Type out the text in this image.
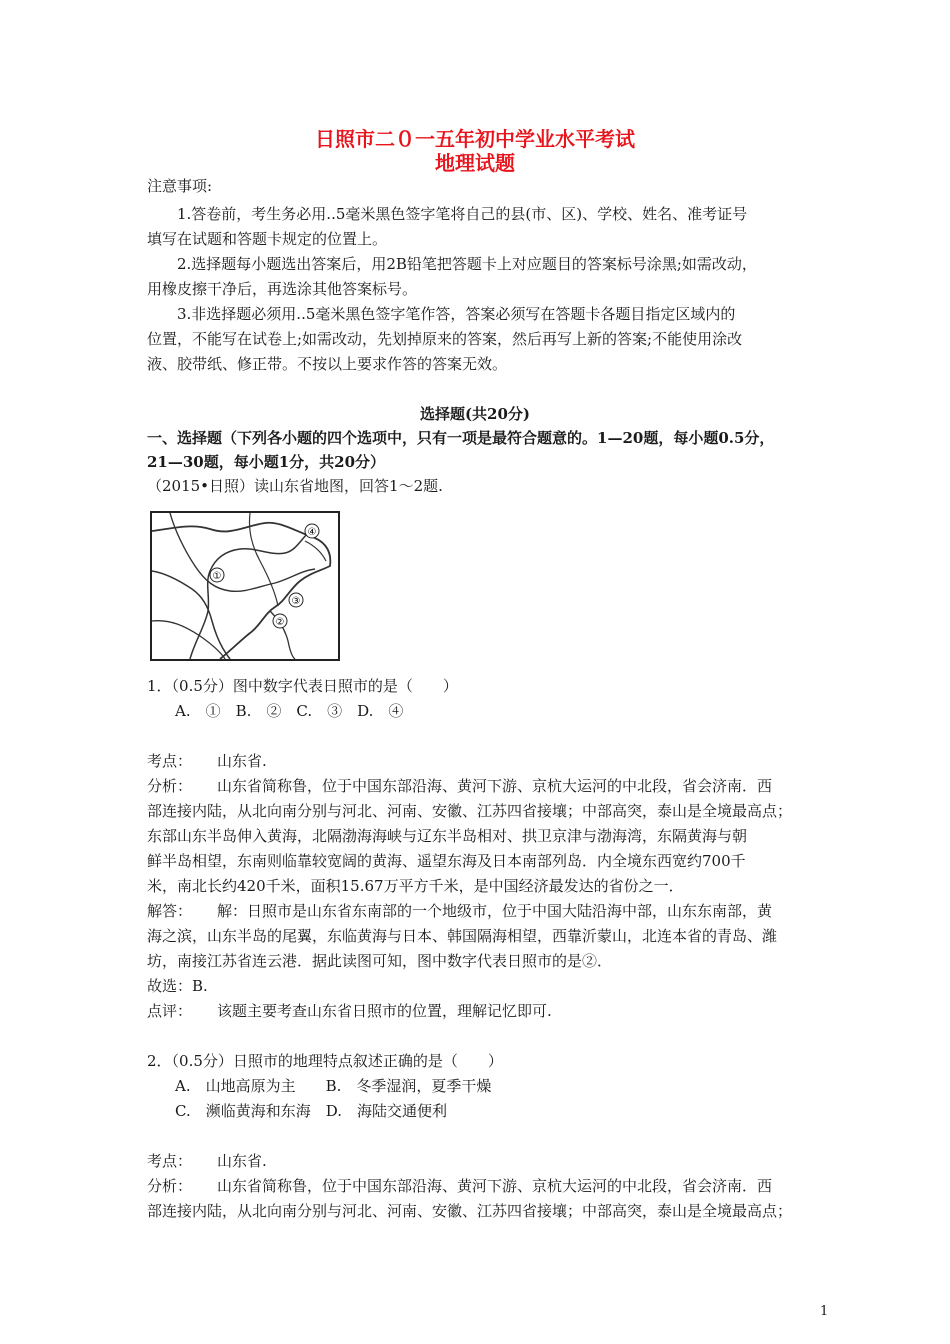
日照市二０一五年初中学业水平考试
地理试题
注意事项:
1.答卷前，考生务必用..5毫米黑色签字笔将自己的县(市、区)、学校、姓名、准考证号
填写在试题和答题卡规定的位置上。
2.选择题每小题选出答案后，用2B铅笔把答题卡上对应题目的答案标号涂黑;如需改动，
用橡皮擦干净后，再选涂其他答案标号。
3.非选择题必须用..5毫米黑色签字笔作答，答案必须写在答题卡各题目指定区域内的
位置，不能写在试卷上;如需改动，先划掉原来的答案，然后再写上新的答案;不能使用涂改
液、胶带纸、修正带。不按以上要求作答的答案无效。
选择题(共20分)
一、选择题（下列各小题的四个选项中，只有一项是最符合题意的。1—20题，每小题0.5分，
21—30题，每小题1分，共20分）
（2015•日照）读山东省地图，回答1～2题.
①
②
③
④
1．（0.5分）图中数字代表日照市的是（　　）
A.　①　B.　②　C.　③　D.　④
考点： 山东省.
分析： 山东省简称鲁，位于中国东部沿海、黄河下游、京杭大运河的中北段，省会济南．西
部连接内陆，从北向南分别与河北、河南、安徽、江苏四省接壤；中部高突，泰山是全境最高点；
东部山东半岛伸入黄海，北隔渤海海峡与辽东半岛相对、拱卫京津与渤海湾，东隔黄海与朝
鲜半岛相望，东南则临靠较宽阔的黄海、遥望东海及日本南部列岛．内全境东西宽约700千
米，南北长约420千米，面积15.67万平方千米，是中国经济最发达的省份之一．
解答： 解：日照市是山东省东南部的一个地级市，位于中国大陆沿海中部，山东东南部，黄
海之滨，山东半岛的尾翼，东临黄海与日本、韩国隔海相望，西靠沂蒙山，北连本省的青岛、潍
坊，南接江苏省连云港．据此读图可知，图中数字代表日照市的是②．
故选：B.
点评： 该题主要考查山东省日照市的位置，理解记忆即可.
2．（0.5分）日照市的地理特点叙述正确的是（　　）
A.　山地高原为主　　B.　冬季湿润，夏季干燥
C.　濒临黄海和东海　D.　海陆交通便利
考点： 山东省.
分析： 山东省简称鲁，位于中国东部沿海、黄河下游、京杭大运河的中北段，省会济南．西
部连接内陆，从北向南分别与河北、河南、安徽、江苏四省接壤；中部高突，泰山是全境最高点；
1
